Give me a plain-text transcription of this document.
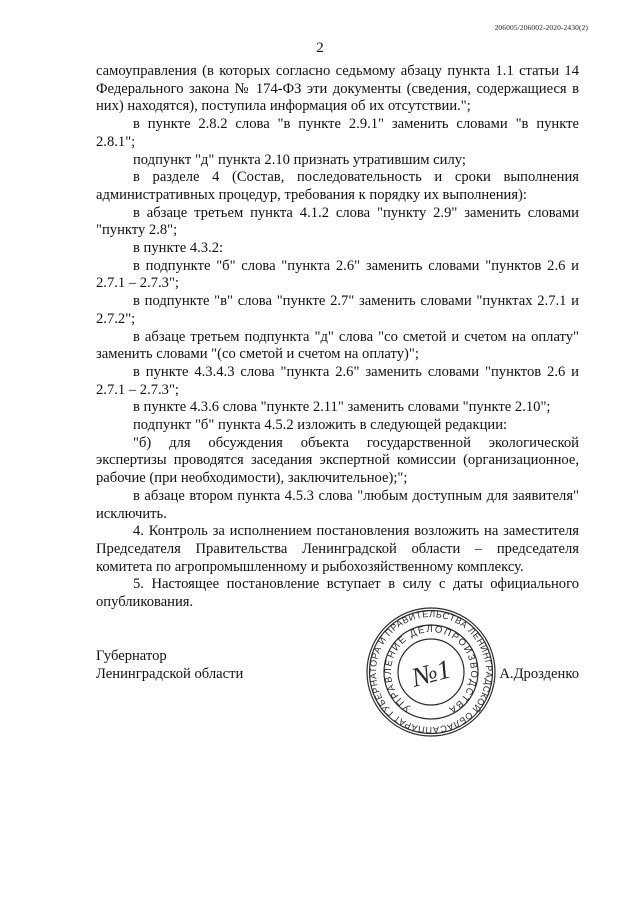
206005/206002-2020-2430(2)
2

самоуправления (в которых согласно седьмому абзацу пункта 1.1 статьи 14 Федерального закона № 174-ФЗ эти документы (сведения, содержащиеся в них) находятся), поступила информация об их отсутствии.";

в пункте 2.8.2 слова "в пункте 2.9.1" заменить словами "в пункте 2.8.1";

подпункт "д" пункта 2.10 признать утратившим силу;

в разделе 4 (Состав, последовательность и сроки выполнения административных процедур, требования к порядку их выполнения):

в абзаце третьем пункта 4.1.2 слова "пункту 2.9" заменить словами "пункту 2.8";

в пункте 4.3.2:

в подпункте "б" слова "пункта 2.6" заменить словами "пунктов 2.6 и 2.7.1 – 2.7.3";

в подпункте "в" слова "пункте 2.7" заменить словами "пунктах 2.7.1 и 2.7.2";

в абзаце третьем подпункта "д" слова "со сметой и счетом на оплату" заменить словами "(со сметой и счетом на оплату)";

в пункте 4.3.4.3 слова "пункта 2.6" заменить словами "пунктов 2.6 и 2.7.1 – 2.7.3";

в пункте 4.3.6 слова "пункте 2.11" заменить словами "пункте 2.10";

подпункт "б" пункта 4.5.2 изложить в следующей редакции:

"б) для обсуждения объекта государственной экологической экспертизы проводятся заседания экспертной комиссии (организационное, рабочие (при необходимости), заключительное);";

в абзаце втором пункта 4.5.3 слова "любым доступным для заявителя" исключить.

4. Контроль за исполнением постановления возложить на заместителя Председателя Правительства Ленинградской области – председателя комитета по агропромышленному и рыбохозяйственному комплексу.

5. Настоящее постановление вступает в силу с даты официального опубликования.

Губернатор
Ленинградской области	А.Дрозденко
АППАРАТ ГУБЕРНАТОРА И ПРАВИТЕЛЬСТВА ЛЕНИНГРАДСКОЙ ОБЛАСТИ
УПРАВЛЕНИЕ ДЕЛОПРОИЗВОДСТВА
№1
